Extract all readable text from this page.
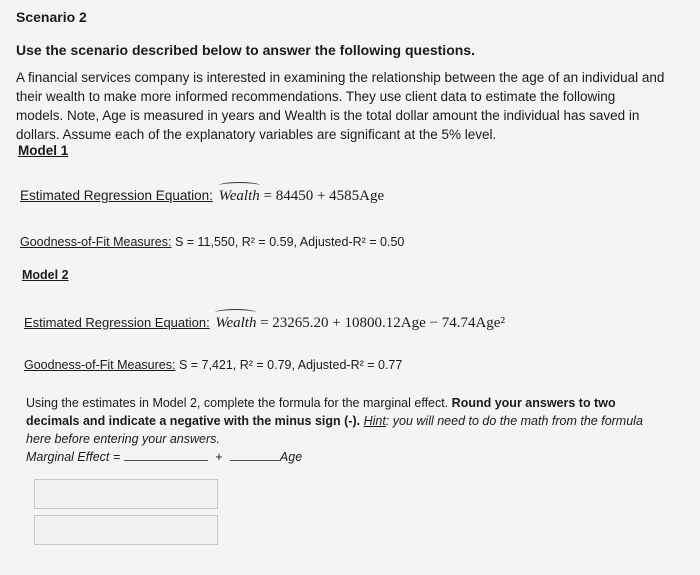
Scenario 2
Use the scenario described below to answer the following questions.
A financial services company is interested in examining the relationship between the age of an individual and their wealth to make more informed recommendations. They use client data to estimate the following models. Note, Age is measured in years and Wealth is the total dollar amount the individual has saved in dollars. Assume each of the explanatory variables are significant at the 5% level.
Model 1
Estimated Regression Equation: Wealth = 84450 + 4585Age
Goodness-of-Fit Measures: S = 11,550, R² = 0.59, Adjusted-R² = 0.50
Model 2
Estimated Regression Equation: Wealth = 23265.20 + 10800.12Age − 74.74Age²
Goodness-of-Fit Measures: S = 7,421, R² = 0.79, Adjusted-R² = 0.77
Using the estimates in Model 2, complete the formula for the marginal effect. Round your answers to two
decimals and indicate a negative with the minus sign (-). Hint: you will need to do the math from the formula
here before entering your answers.
Marginal Effect =	+	Age
